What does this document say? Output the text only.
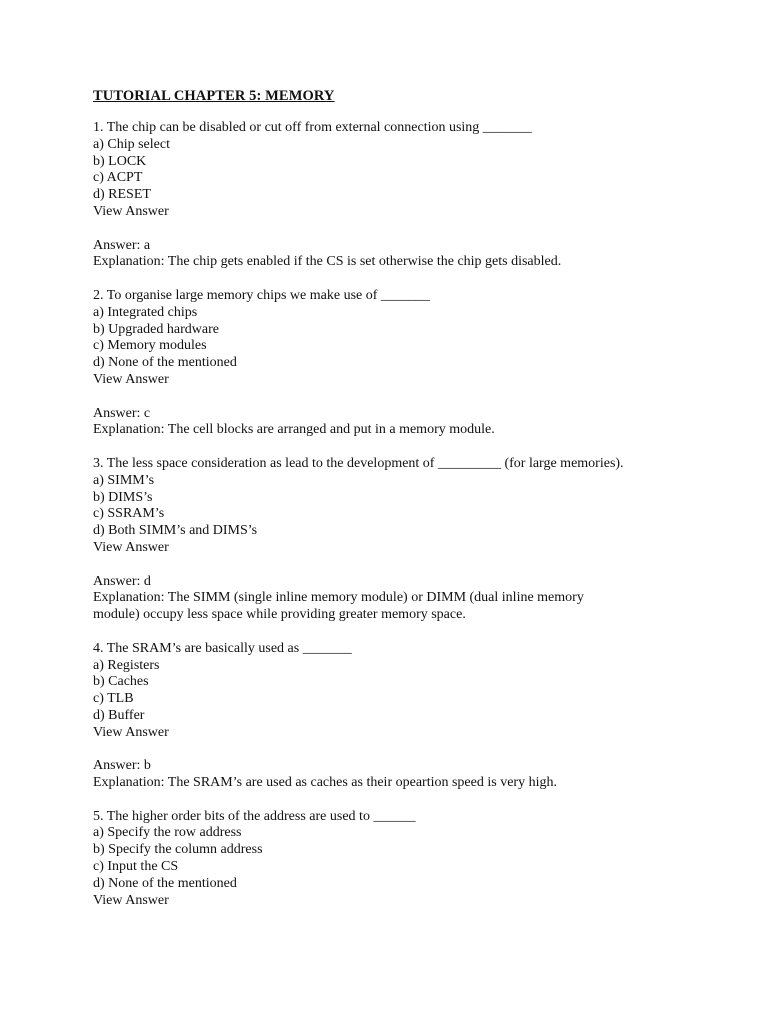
TUTORIAL CHAPTER 5: MEMORY
1. The chip can be disabled or cut off from external connection using _______
a) Chip select
b) LOCK
c) ACPT
d) RESET
View Answer
Answer: a
Explanation: The chip gets enabled if the CS is set otherwise the chip gets disabled.
2. To organise large memory chips we make use of _______
a) Integrated chips
b) Upgraded hardware
c) Memory modules
d) None of the mentioned
View Answer
Answer: c
Explanation: The cell blocks are arranged and put in a memory module.
3. The less space consideration as lead to the development of _________ (for large memories).
a) SIMM’s
b) DIMS’s
c) SSRAM’s
d) Both SIMM’s and DIMS’s
View Answer
Answer: d
Explanation: The SIMM (single inline memory module) or DIMM (dual inline memory
module) occupy less space while providing greater memory space.
4. The SRAM’s are basically used as _______
a) Registers
b) Caches
c) TLB
d) Buffer
View Answer
Answer: b
Explanation: The SRAM’s are used as caches as their opeartion speed is very high.
5. The higher order bits of the address are used to ______
a) Specify the row address
b) Specify the column address
c) Input the CS
d) None of the mentioned
View Answer
